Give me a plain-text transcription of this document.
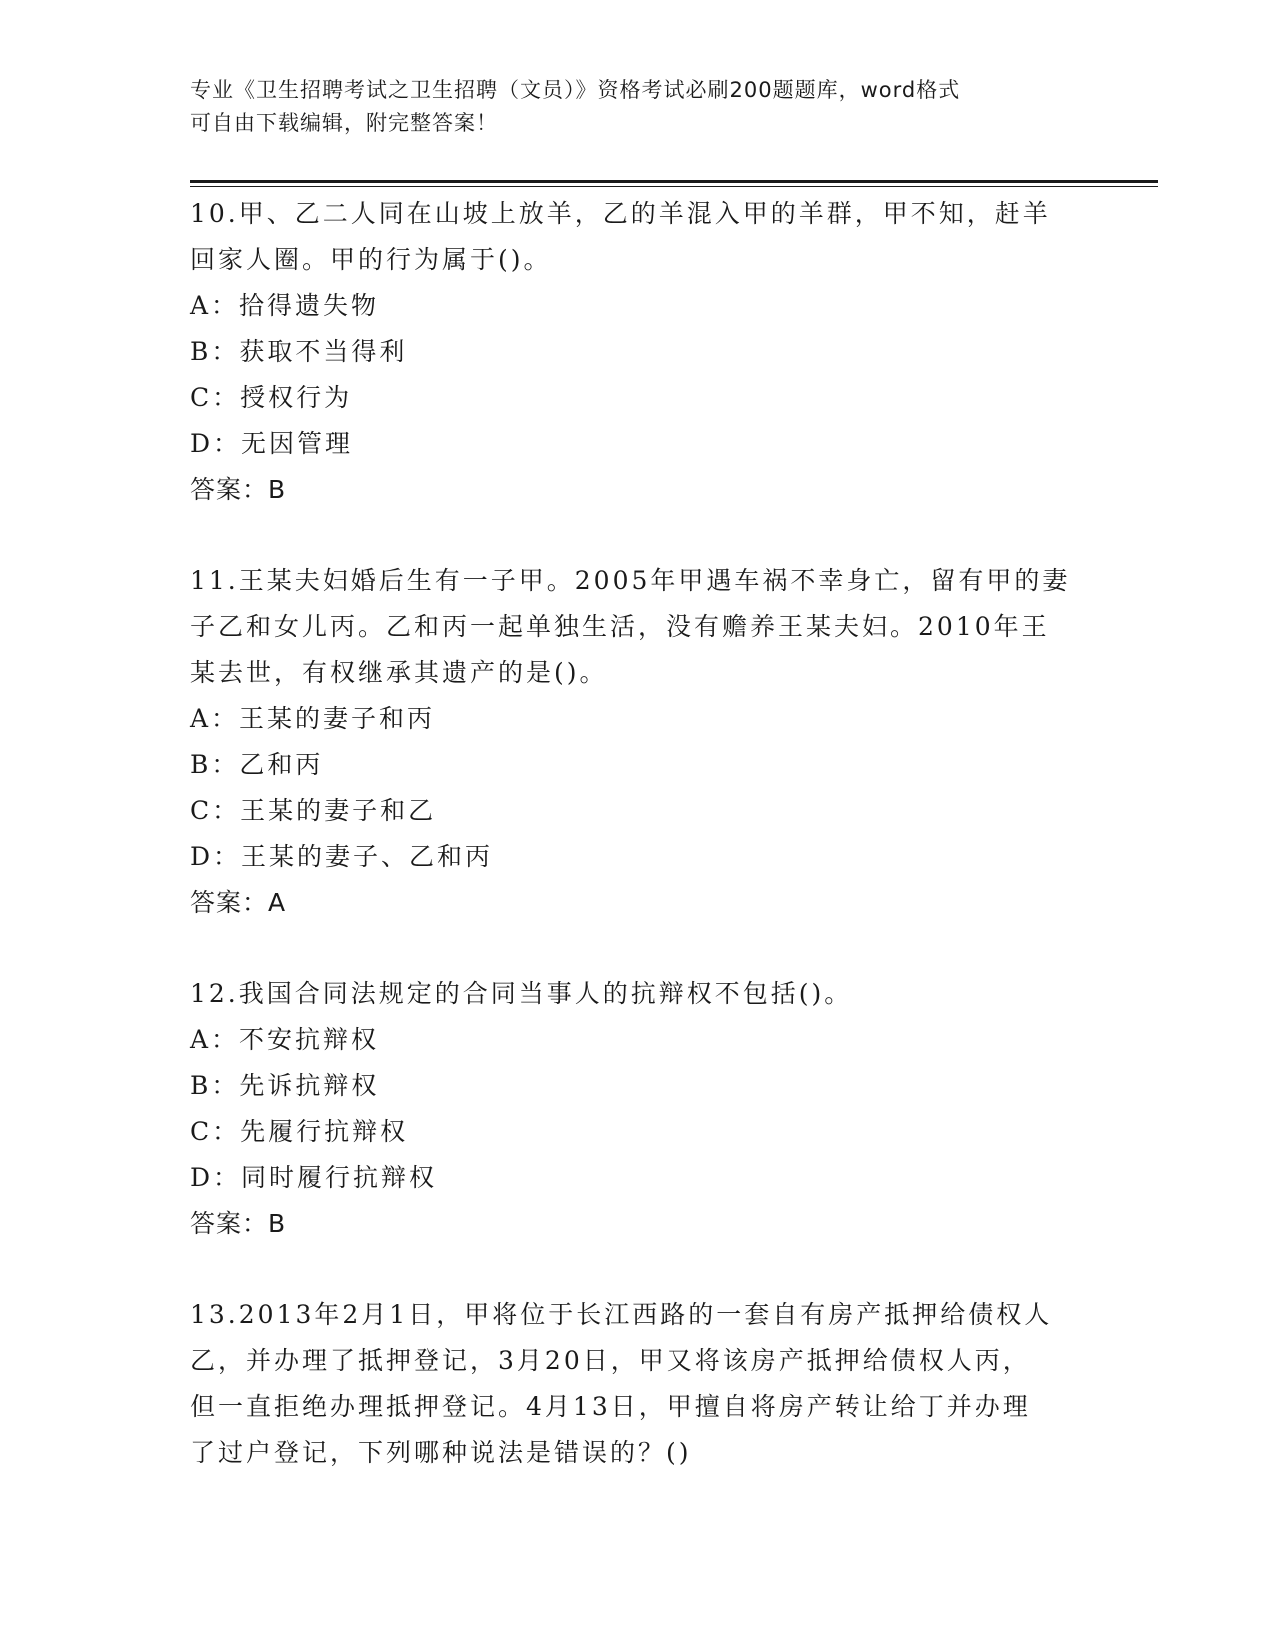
专业《卫生招聘考试之卫生招聘（文员）》资格考试必刷200题题库，word格式
可自由下载编辑，附完整答案！
10.甲、乙二人同在山坡上放羊，乙的羊混入甲的羊群，甲不知，赶羊
回家人圈。甲的行为属于()。
A：拾得遗失物
B：获取不当得利
C：授权行为
D：无因管理
答案：B
11.王某夫妇婚后生有一子甲。2005年甲遇车祸不幸身亡，留有甲的妻
子乙和女儿丙。乙和丙一起单独生活，没有赡养王某夫妇。2010年王
某去世，有权继承其遗产的是()。
A：王某的妻子和丙
B：乙和丙
C：王某的妻子和乙
D：王某的妻子、乙和丙
答案：A
12.我国合同法规定的合同当事人的抗辩权不包括()。
A：不安抗辩权
B：先诉抗辩权
C：先履行抗辩权
D：同时履行抗辩权
答案：B
13.2013年2月1日，甲将位于长江西路的一套自有房产抵押给债权人
乙，并办理了抵押登记，3月20日，甲又将该房产抵押给债权人丙，
但一直拒绝办理抵押登记。4月13日，甲擅自将房产转让给丁并办理
了过户登记，下列哪种说法是错误的？()
